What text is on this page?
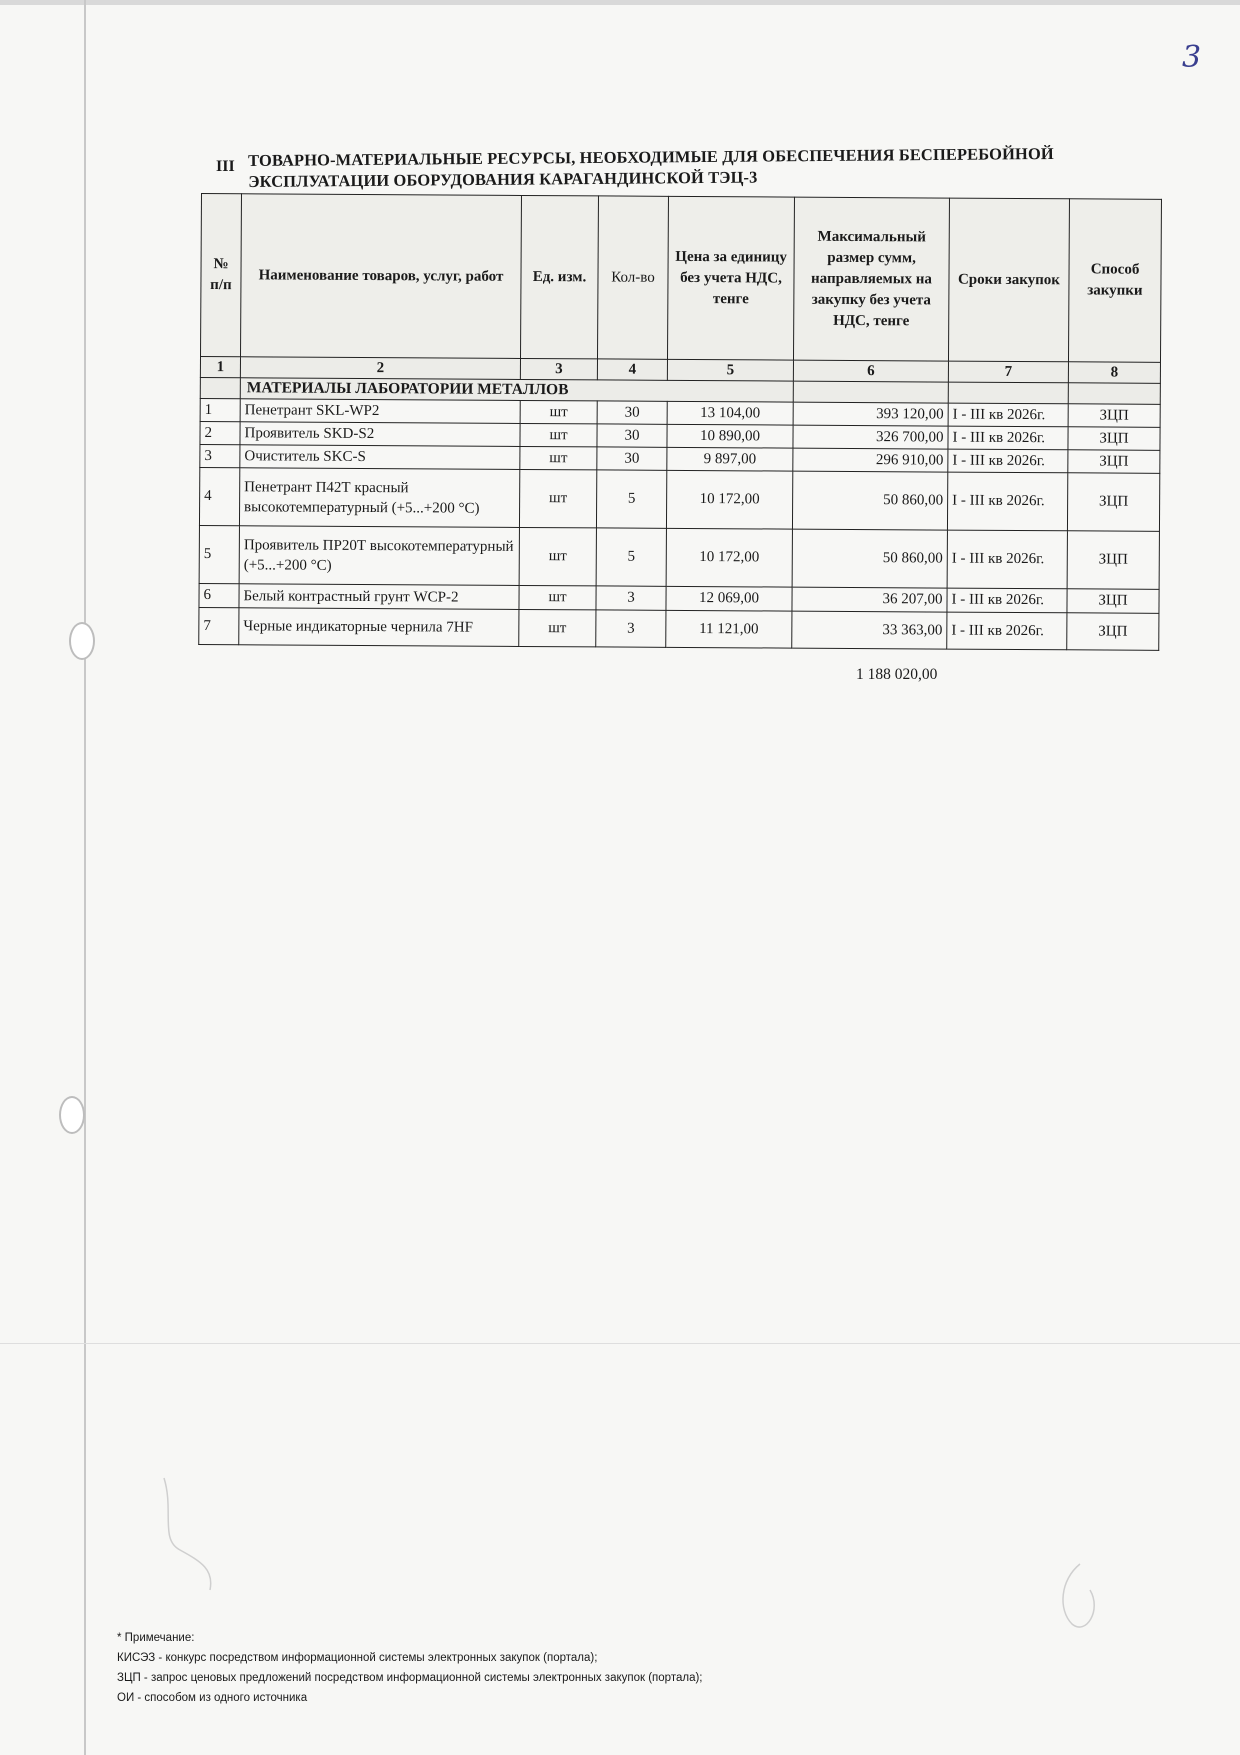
3
III ТОВАРНО-МАТЕРИАЛЬНЫЕ РЕСУРСЫ, НЕОБХОДИМЫЕ ДЛЯ ОБЕСПЕЧЕНИЯ БЕСПЕРЕБОЙНОЙ ЭКСПЛУАТАЦИИ ОБОРУДОВАНИЯ КАРАГАНДИНСКОЙ ТЭЦ-3
№ п/п	Наименование товаров, услуг, работ	Ед. изм.	Кол-во	Цена за единицу без учета НДС, тенге	Максимальный размер сумм, направляемых на закупку без учета НДС, тенге	Сроки закупок	Способ закупки
1	2	3	4	5	6	7	8
	МАТЕРИАЛЫ ЛАБОРАТОРИИ МЕТАЛЛОВ						
1	Пенетрант SKL-WP2	шт	30	13 104,00	393 120,00	I - III кв 2026г.	ЗЦП
2	Проявитель SKD-S2	шт	30	10 890,00	326 700,00	I - III кв 2026г.	ЗЦП
3	Очиститель SKC-S	шт	30	9 897,00	296 910,00	I - III кв 2026г.	ЗЦП
4	Пенетрант П42Т красный высокотемпературный (+5...+200 °С)	шт	5	10 172,00	50 860,00	I - III кв 2026г.	ЗЦП
5	Проявитель ПР20Т высокотемпературный (+5...+200 °С)	шт	5	10 172,00	50 860,00	I - III кв 2026г.	ЗЦП
6	Белый контрастный грунт WCP-2	шт	3	12 069,00	36 207,00	I - III кв 2026г.	ЗЦП
7	Черные индикаторные чернила 7HF	шт	3	11 121,00	33 363,00	I - III кв 2026г.	ЗЦП
1 188 020,00
* Примечание:
КИСЭЗ - конкурс посредством информационной системы электронных закупок (портала);
ЗЦП - запрос ценовых предложений посредством информационной системы электронных закупок (портала);
ОИ - способом из одного источника
